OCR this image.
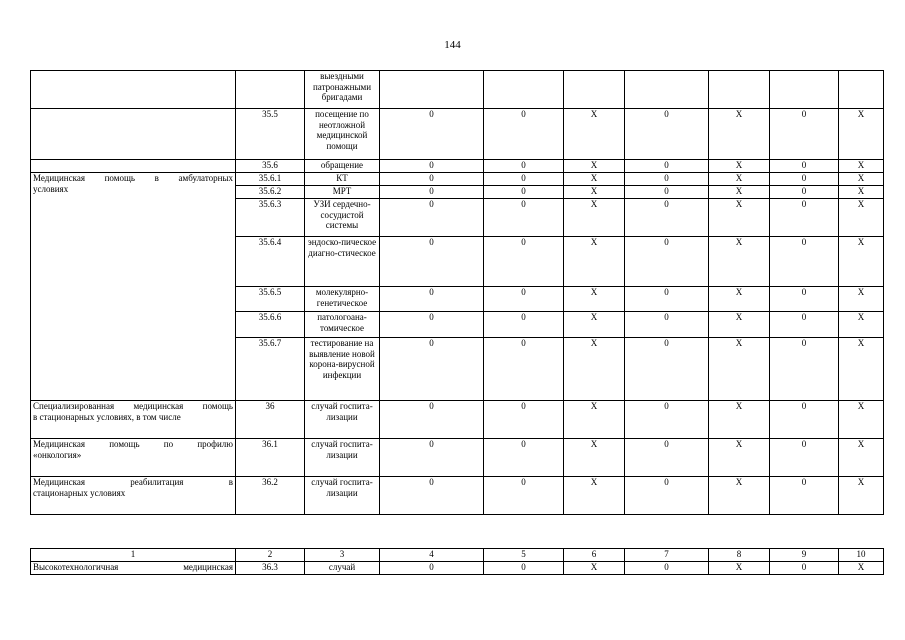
144
		выездными патронажными бригадами							
	35.5	посещение по неотложной медицинской помощи	0	0	X	0	X	0	X
	35.6	обращение	0	0	X	0	X	0	X

Медицинская помощь в амбулаторных
условиях	35.6.1	КТ	0	0	X	0	X	0	X
	35.6.2	МРТ	0	0	X	0	X	0	X
	35.6.3	УЗИ сердечно-сосудистой системы	0	0	X	0	X	0	X
	35.6.4	эндоско-пическое диагно-стическое	0	0	X	0	X	0	X
	35.6.5	молекулярно-генетическое	0	0	X	0	X	0	X
	35.6.6	патологоана-томическое	0	0	X	0	X	0	X
	35.6.7	тестирование на выявление новой корона-вирусной инфекции	0	0	X	0	X	0	X

Специализированная медицинская помощь
в стационарных условиях, в том числе	36	случай госпита-лизации	0	0	X	0	X	0	X

Медицинская помощь по профилю
«онкология»	36.1	случай госпита-лизации	0	0	X	0	X	0	X

Медицинская реабилитация в
стационарных условиях	36.2	случай госпита-лизации	0	0	X	0	X	0	X
1	2	3	4	5	6	7	8	9	10
Высокотехнологичная медицинская	36.3	случай	0	0	X	0	X	0	X
